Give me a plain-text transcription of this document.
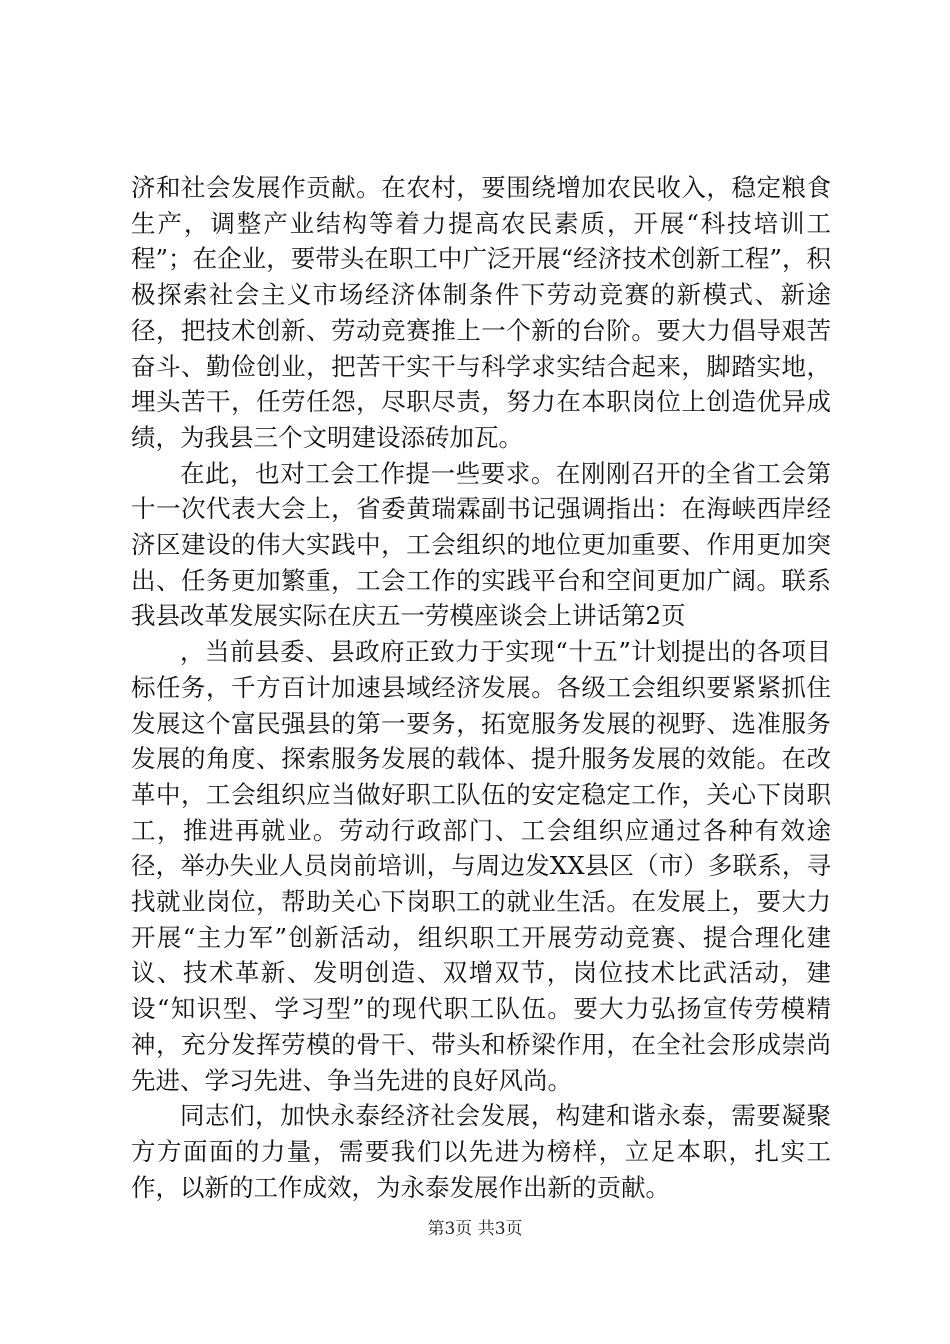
济和社会发展作贡献。在农村，要围绕增加农民收入，稳定粮食生产，调整产业结构等着力提高农民素质，开展“科技培训工程”；在企业，要带头在职工中广泛开展“经济技术创新工程”，积极探索社会主义市场经济体制条件下劳动竞赛的新模式、新途径，把技术创新、劳动竞赛推上一个新的台阶。要大力倡导艰苦奋斗、勤俭创业，把苦干实干与科学求实结合起来，脚踏实地，埋头苦干，任劳任怨，尽职尽责，努力在本职岗位上创造优异成绩，为我县三个文明建设添砖加瓦。

在此，也对工会工作提一些要求。在刚刚召开的全省工会第十一次代表大会上，省委黄瑞霖副书记强调指出：在海峡西岸经济区建设的伟大实践中，工会组织的地位更加重要、作用更加突出、任务更加繁重，工会工作的实践平台和空间更加广阔。联系我县改革发展实际在庆五一劳模座谈会上讲话第2页

，当前县委、县政府正致力于实现“十五”计划提出的各项目标任务，千方百计加速县域经济发展。各级工会组织要紧紧抓住发展这个富民强县的第一要务，拓宽服务发展的视野、选准服务发展的角度、探索服务发展的载体、提升服务发展的效能。在改革中，工会组织应当做好职工队伍的安定稳定工作，关心下岗职工，推进再就业。劳动行政部门、工会组织应通过各种有效途径，举办失业人员岗前培训，与周边发XX县区（市）多联系，寻找就业岗位，帮助关心下岗职工的就业生活。在发展上，要大力开展“主力军”创新活动，组织职工开展劳动竞赛、提合理化建议、技术革新、发明创造、双增双节，岗位技术比武活动，建设“知识型、学习型”的现代职工队伍。要大力弘扬宣传劳模精神，充分发挥劳模的骨干、带头和桥梁作用，在全社会形成崇尚先进、学习先进、争当先进的良好风尚。

同志们，加快永泰经济社会发展，构建和谐永泰，需要凝聚方方面面的力量，需要我们以先进为榜样，立足本职，扎实工作，以新的工作成效，为永泰发展作出新的贡献。

第3页 共3页
